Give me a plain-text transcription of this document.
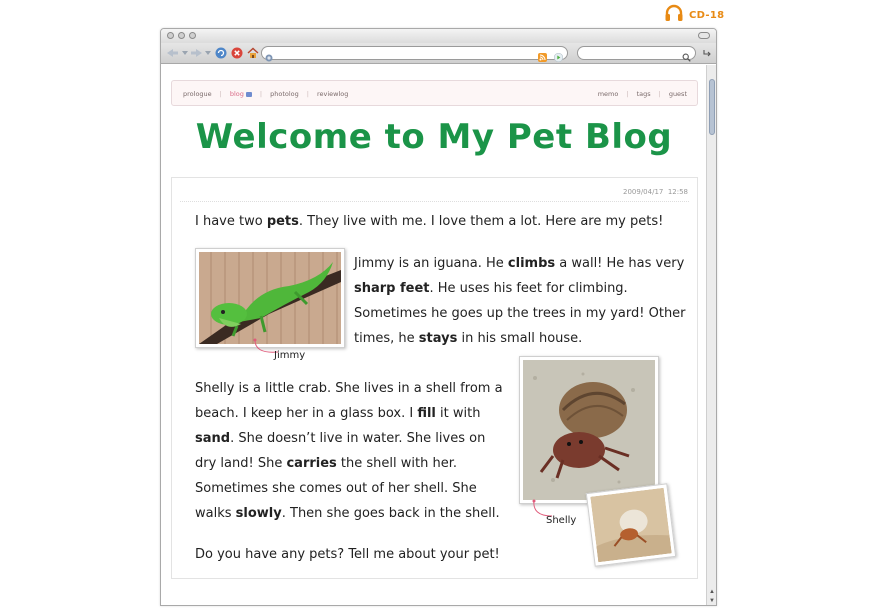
CD-18
prologue | blog	| photolog | reviewlog	memo | tags | guest
Welcome to My Pet Blog
2009/04/17 12:58

I have two pets. They live with me. I love them a lot. Here are my pets!

Jimmy

Jimmy is an iguana. He climbs a wall! He has very
sharp feet. He uses his feet for climbing.
Sometimes he goes up the trees in my yard! Other
times, he stays in his small house.

Shelly is a little crab. She lives in a shell from a
beach. I keep her in a glass box. I fill it with
sand. She doesn’t live in water. She lives on
dry land! She carries the shell with her.
Sometimes she comes out of her shell. She
walks slowly. Then she goes back in the shell.	Shelly

Do you have any pets? Tell me about your pet!

▲
▼
